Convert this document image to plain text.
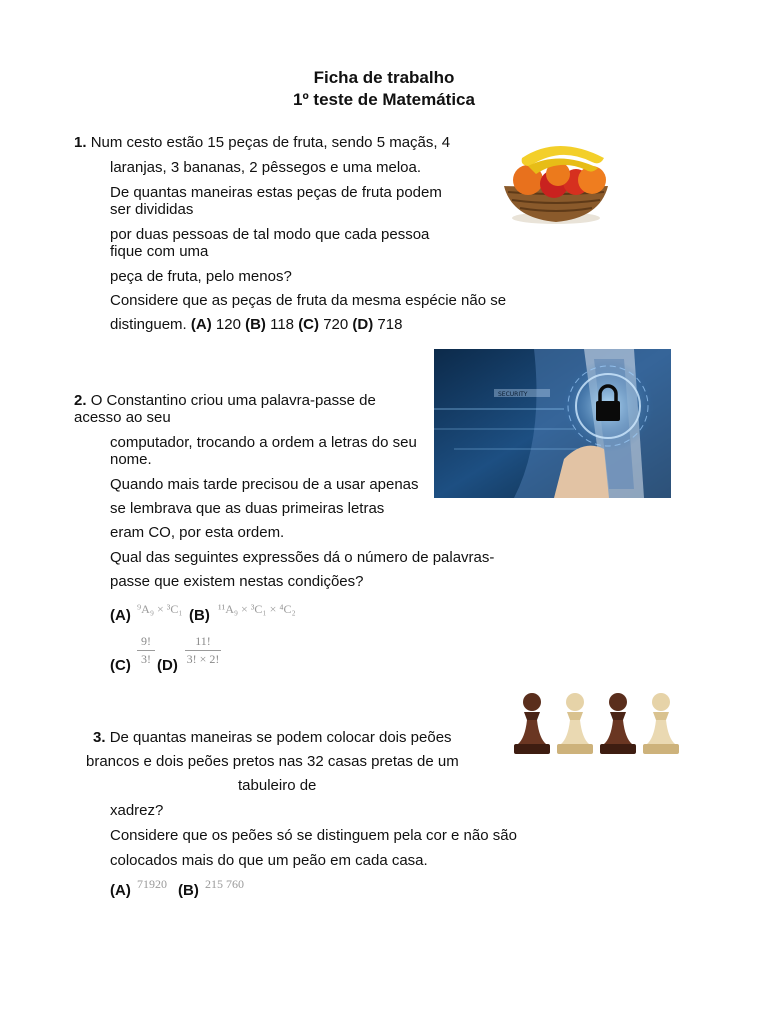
Ficha de trabalho
1º teste de Matemática
1. Num cesto estão 15 peças de fruta, sendo 5 maçãs, 4
laranjas, 3 bananas, 2 pêssegos e uma meloa.
De quantas maneiras estas peças de fruta podem
ser divididas
por duas pessoas de tal modo que cada pessoa
fique com uma
peça de fruta, pelo menos?
Considere que as peças de fruta da mesma espécie não se
distinguem. (A) 120 (B) 118 (C) 720 (D) 718
SECURITY
2. O Constantino criou uma palavra-passe de
acesso ao seu
computador, trocando a ordem a letras do seu
nome.
Quando mais tarde precisou de a usar apenas
se lembrava que as duas primeiras letras
eram CO, por esta ordem.
Qual das seguintes expressões dá o número de palavras-
passe que existem nestas condições?
(A) ⁹A₉ × ³C₁ (B) ¹¹A₉ × ³C₁ × ⁴C₂
(C)
9!
3! (D)
11!
3! × 2!
3. De quantas maneiras se podem colocar dois peões
brancos e dois peões pretos nas 32 casas pretas de um
tabuleiro de
xadrez?
Considere que os peões só se distinguem pela cor e não são
colocados mais do que um peão em cada casa.
(A) 71920 (B) 215 760
